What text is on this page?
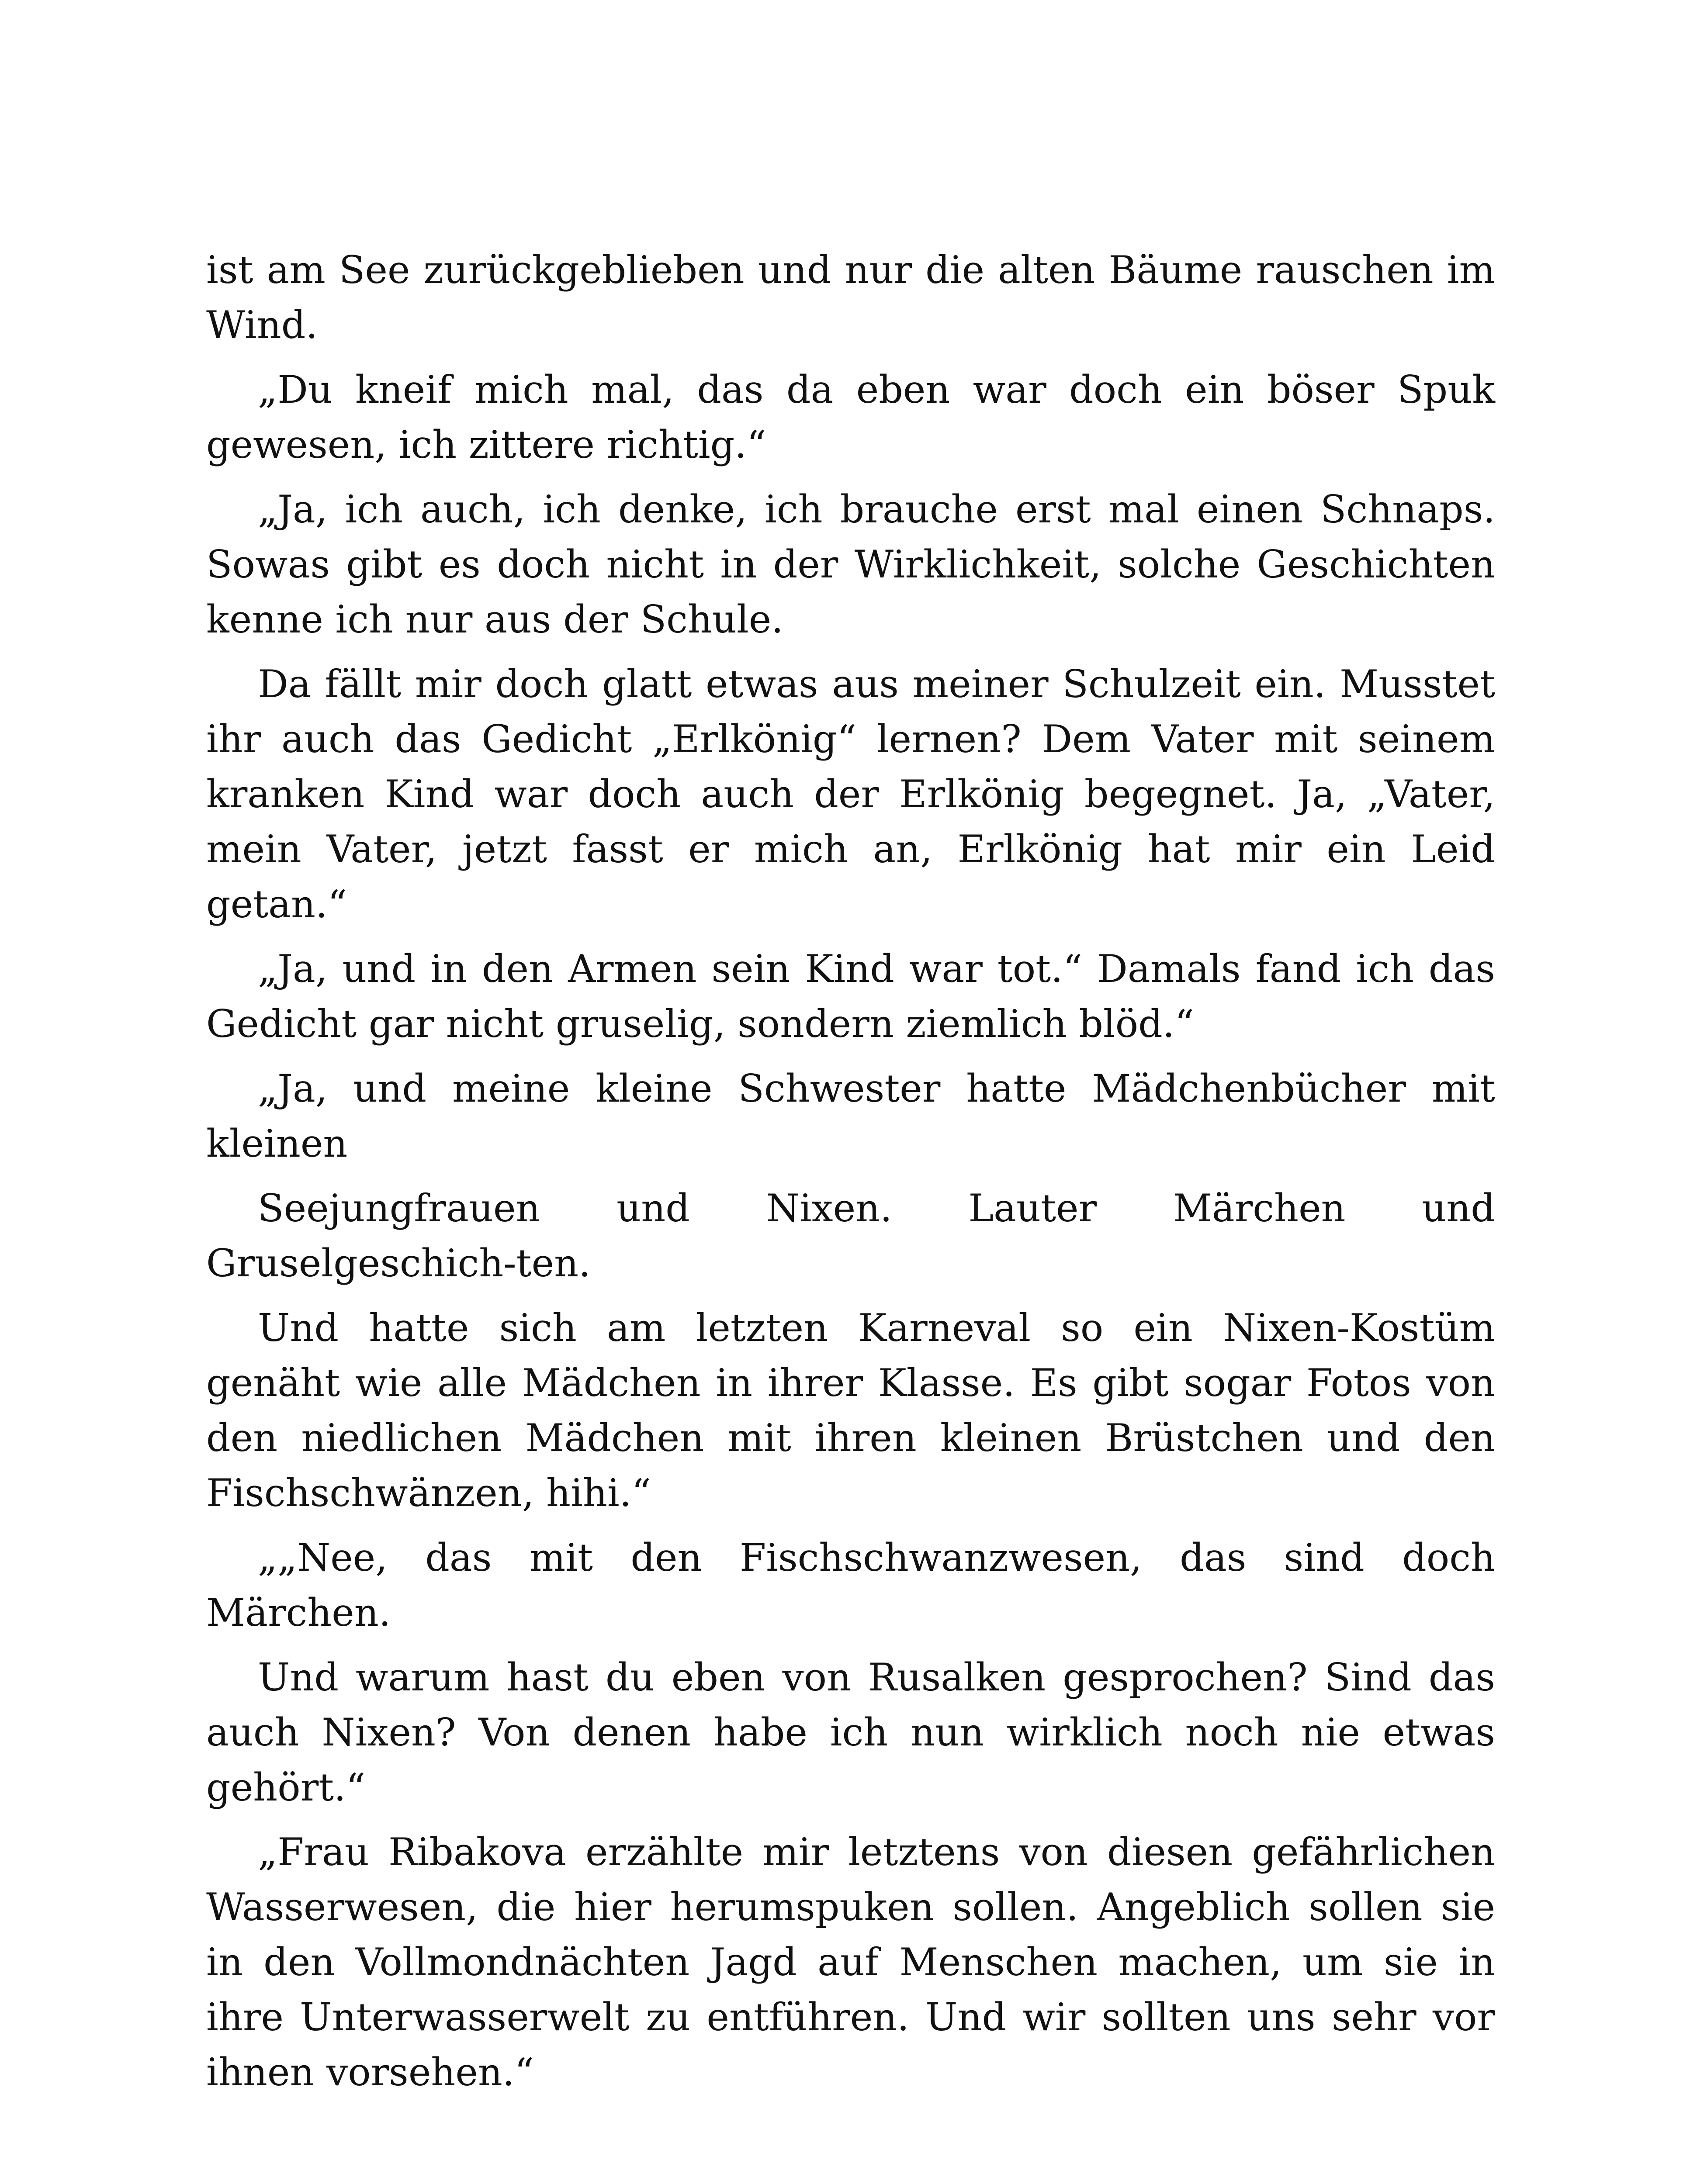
ist am See zurückgeblieben und nur die alten Bäume rauschen im Wind.

„Du kneif mich mal, das da eben war doch ein böser Spuk gewesen, ich zittere richtig.“

„Ja, ich auch, ich denke, ich brauche erst mal einen Schnaps. Sowas gibt es doch nicht in der Wirklichkeit, solche Geschichten kenne ich nur aus der Schule.

Da fällt mir doch glatt etwas aus meiner Schulzeit ein. Musstet ihr auch das Gedicht „Erlkönig“ lernen? Dem Vater mit seinem kranken Kind war doch auch der Erlkönig begegnet. Ja, „Vater, mein Vater, jetzt fasst er mich an, Erlkönig hat mir ein Leid getan.“

„Ja, und in den Armen sein Kind war tot.“ Damals fand ich das Gedicht gar nicht gruselig, sondern ziemlich blöd.“

„Ja, und meine kleine Schwester hatte Mädchenbücher mit kleinen

Seejungfrauen und Nixen. Lauter Märchen und Gruselgeschich-ten.

Und hatte sich am letzten Karneval so ein Nixen-Kostüm genäht wie alle Mädchen in ihrer Klasse. Es gibt sogar Fotos von den niedlichen Mädchen mit ihren kleinen Brüstchen und den Fischschwänzen, hihi.“

„„Nee, das mit den Fischschwanzwesen, das sind doch Märchen.

Und warum hast du eben von Rusalken gesprochen? Sind das auch Nixen? Von denen habe ich nun wirklich noch nie etwas gehört.“

„Frau Ribakova erzählte mir letztens von diesen gefährlichen Wasserwesen, die hier herumspuken sollen. Angeblich sollen sie in den Vollmondnächten Jagd auf Menschen machen, um sie in ihre Unterwasserwelt zu entführen. Und wir sollten uns sehr vor ihnen vorsehen.“
